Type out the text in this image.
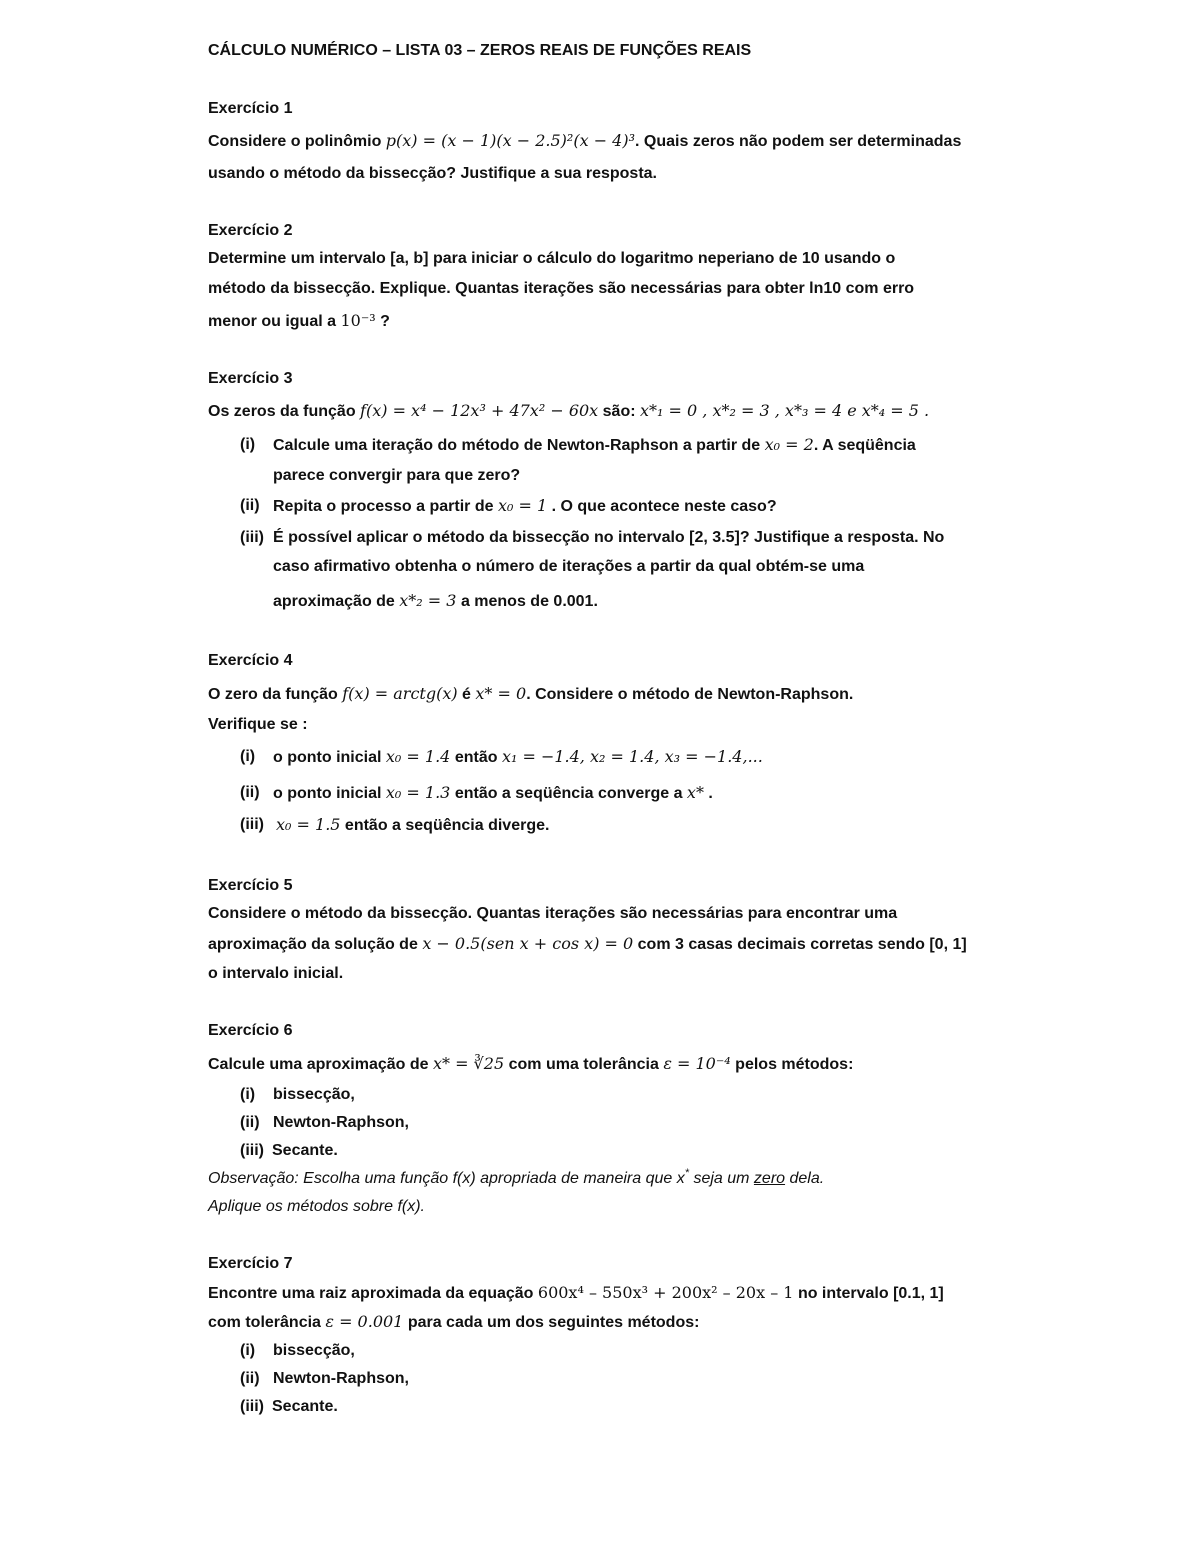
CÁLCULO NUMÉRICO – LISTA 03 – ZEROS REAIS DE FUNÇÕES REAIS
Exercício 1
Considere o polinômio p(x) = (x − 1)(x − 2.5)²(x − 4)³. Quais zeros não podem ser determinadas
usando o método da bissecção? Justifique a sua resposta.
Exercício 2
Determine um intervalo [a, b] para iniciar o cálculo do logaritmo neperiano de 10 usando o
método da bissecção. Explique. Quantas iterações são necessárias para obter ln10 com erro
menor ou igual a 10⁻³ ?
Exercício 3
Os zeros da função f(x) = x⁴ − 12x³ + 47x² − 60x são: x*₁ = 0 , x*₂ = 3 , x*₃ = 4 e x*₄ = 5 .
(i) Calcule uma iteração do método de Newton-Raphson a partir de x₀ = 2. A seqüência
parece convergir para que zero?
(ii) Repita o processo a partir de x₀ = 1 . O que acontece neste caso?
(iii) É possível aplicar o método da bissecção no intervalo [2, 3.5]? Justifique a resposta. No
caso afirmativo obtenha o número de iterações a partir da qual obtém-se uma
aproximação de x*₂ = 3 a menos de 0.001.
Exercício 4
O zero da função f(x) = arctg(x) é x* = 0. Considere o método de Newton-Raphson.
Verifique se :
(i) o ponto inicial x₀ = 1.4 então x₁ = −1.4, x₂ = 1.4, x₃ = −1.4,...
(ii) o ponto inicial x₀ = 1.3 então a seqüência converge a x* .
(iii) x₀ = 1.5 então a seqüência diverge.
Exercício 5
Considere o método da bissecção. Quantas iterações são necessárias para encontrar uma
aproximação da solução de x − 0.5(sen x + cos x) = 0 com 3 casas decimais corretas sendo [0, 1]
o intervalo inicial.
Exercício 6
Calcule uma aproximação de x* = ∛25 com uma tolerância ε = 10⁻⁴ pelos métodos:
(i) bissecção,
(ii) Newton-Raphson,
(iii) Secante.
Observação: Escolha uma função f(x) apropriada de maneira que x* seja um zero dela.
Aplique os métodos sobre f(x).
Exercício 7
Encontre uma raiz aproximada da equação 600x⁴ – 550x³ + 200x² – 20x – 1 no intervalo [0.1, 1]
com tolerância ε = 0.001 para cada um dos seguintes métodos:
(i) bissecção,
(ii) Newton-Raphson,
(iii) Secante.
